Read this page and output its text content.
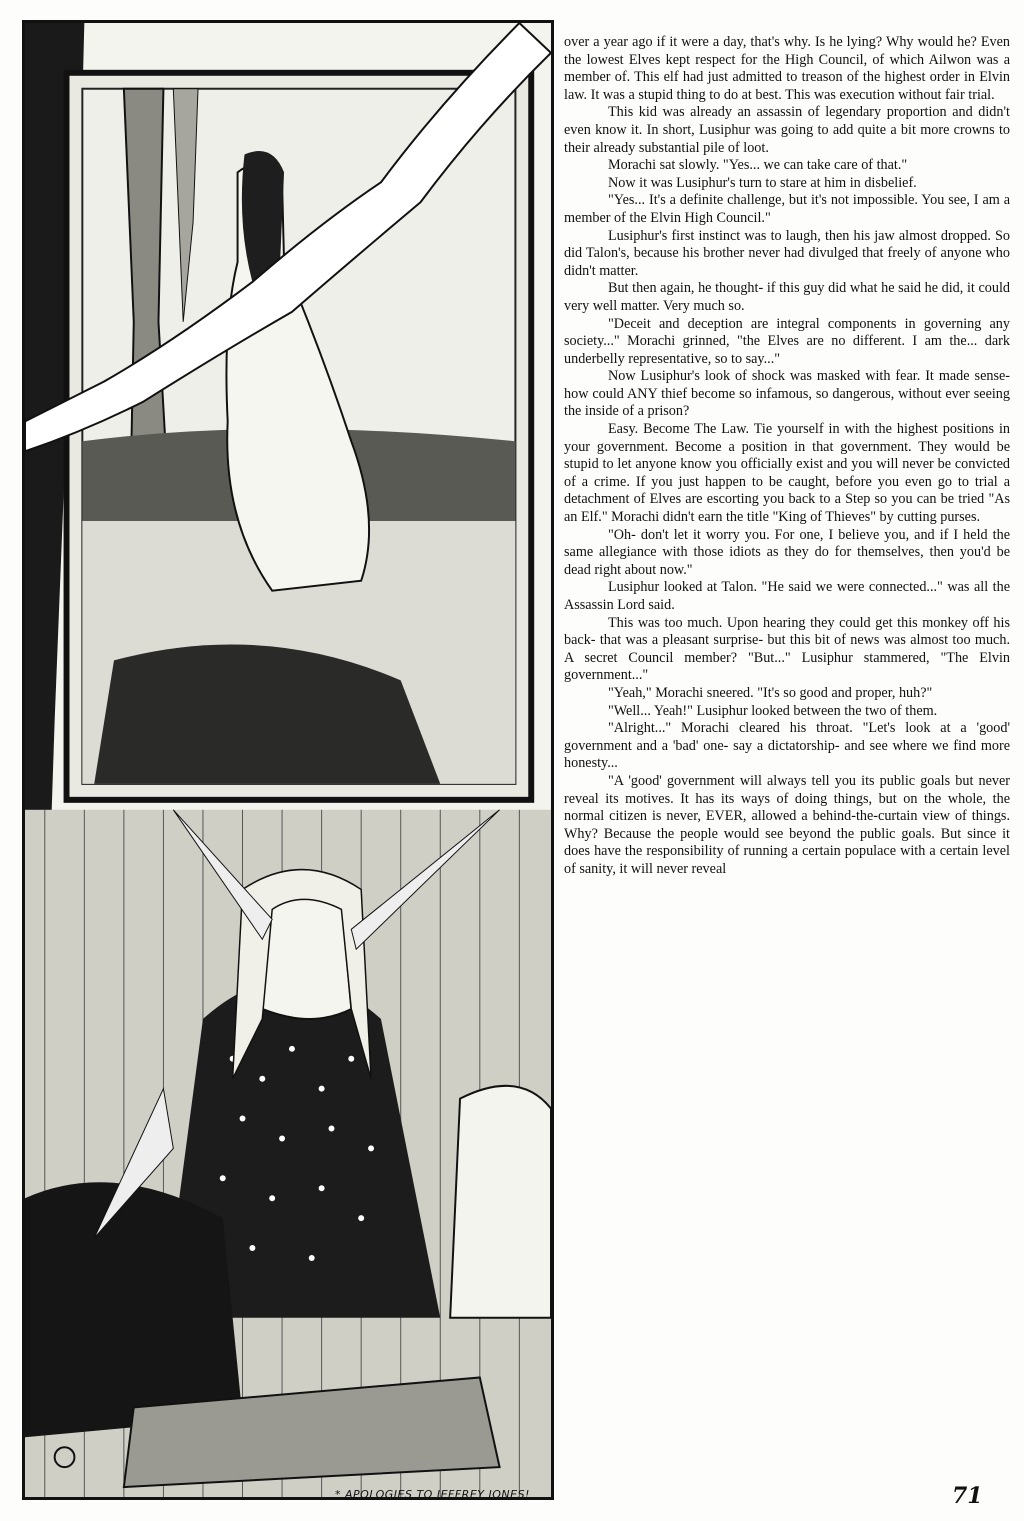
* APOLOGIES TO JEFFREY JONES!

over a year ago if it were a day, that's why. Is he lying? Why would he? Even the lowest Elves kept respect for the High Council, of which Ailwon was a member of. This elf had just admitted to treason of the highest order in Elvin law. It was a stupid thing to do at best. This was execution without fair trial.

This kid was already an assassin of legendary proportion and didn't even know it. In short, Lusiphur was going to add quite a bit more crowns to their already substantial pile of loot.

Morachi sat slowly. "Yes... we can take care of that."

Now it was Lusiphur's turn to stare at him in disbelief.

"Yes... It's a definite challenge, but it's not impossible. You see, I am a member of the Elvin High Council."

Lusiphur's first instinct was to laugh, then his jaw almost dropped. So did Talon's, because his brother never had divulged that freely of anyone who didn't matter.

But then again, he thought- if this guy did what he said he did, it could very well matter. Very much so.

"Deceit and deception are integral components in governing any society..." Morachi grinned, "the Elves are no different. I am the... dark underbelly representative, so to say..."

Now Lusiphur's look of shock was masked with fear. It made sense- how could ANY thief become so infamous, so dangerous, without ever seeing the inside of a prison?

Easy. Become The Law. Tie yourself in with the highest positions in your government. Become a position in that government. They would be stupid to let anyone know you officially exist and you will never be convicted of a crime. If you just happen to be caught, before you even go to trial a detachment of Elves are escorting you back to a Step so you can be tried "As an Elf." Morachi didn't earn the title "King of Thieves" by cutting purses.

"Oh- don't let it worry you. For one, I believe you, and if I held the same allegiance with those idiots as they do for themselves, then you'd be dead right about now."

Lusiphur looked at Talon. "He said we were connected..." was all the Assassin Lord said.

This was too much. Upon hearing they could get this monkey off his back- that was a pleasant surprise- but this bit of news was almost too much. A secret Council member? "But..." Lusiphur stammered, "The Elvin government..."

"Yeah," Morachi sneered. "It's so good and proper, huh?"

"Well... Yeah!" Lusiphur looked between the two of them.

"Alright..." Morachi cleared his throat. "Let's look at a 'good' government and a 'bad' one- say a dictatorship- and see where we find more honesty...

"A 'good' government will always tell you its public goals but never reveal its motives. It has its ways of doing things, but on the whole, the normal citizen is never, EVER, allowed a behind-the-curtain view of things. Why? Because the people would see beyond the public goals. But since it does have the responsibility of running a certain populace with a certain level of sanity, it will never reveal

71
